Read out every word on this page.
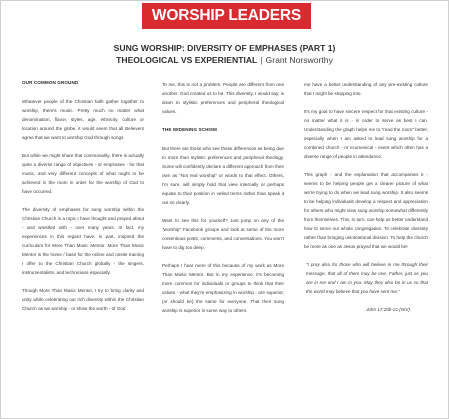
WORSHIP LEADERS
SUNG WORSHIP: DIVERSITY OF EMPHASES (PART 1)
THEOLOGICAL VS EXPERIENTIAL | Grant Norsworthy
OUR COMMON GROUND

Whatever people of the Christian faith gather together to worship, there's music. Pretty much no matter what denomination, flavor, styles, age, ethnicity, culture or location around the globe, it would seem that all Believers agree that we want to worship God through songs.

But while we might share that commonality, there is actually quite a diverse range of objectives - or emphases - for that music, and very different concepts of what ought to be achieved in the room in order for the worship of God to have occurred.

The diversity of emphases for sung worship within the Christian Church is a topic I have thought and prayed about - and wrestled with - over many years. In fact, my experiences in this regard have, in part, inspired the curriculum for More Than Music Mentor. More Than Music Mentor is the home / base for the online and onsite training I offer to the Christian Church globally - the singers, instrumentalists, and technicians especially.

Though More Than Music Mentor, I try to bring clarity and unity while celebrating our rich diversity within the Christian Church as we worship - or show the worth - of God

To me, this is not a problem. People are different from one another. God created us to be. This diversity, I would say, is down to stylistic preferences and peripheral theological values.

THE WIDENING SCHISM

But there are those who see these differences as being due to more than stylistic preferences and peripheral theology. Some will confidently declare a different approach from their own as "Not real worship" or words to that effect. Others, I'm sure, will simply hold that view internally or perhaps equate to their position in veiled terms rather than speak it out so clearly.

Want to see this for yourself? Just jump on any of the "worship" Facebook groups and look at some of the more contentious posts, comments, and conversations. You won't have to dig too deep.

Perhaps I hear more of this because of my work as More Than Music Mentor. But in my experience, it's becoming more common for individuals or groups to think that their values - what they're emphasizing in worship - are superior, (or should be) the same for everyone. That their sung worship is superior in some way to others.

me have a better understanding of any pre-existing culture that I might be stepping into.

It's my goal to have sincere respect for that existing culture - no matter what it is - in order to serve as best I can. Understanding the graph helps me to "read the room" better, especially when I am asked to lead sung worship for a combined church - or ecumenical - event which often has a diverse range of people in attendance.

This graph - and the explanation that accompanies it - seems to be helping people get a clearer picture of what we're trying to do when we lead sung worship. It also seems to be helping individuals develop a respect and appreciation for others who might view sung worship somewhat differently from themselves. This, in turn, can help us better understand how to serve our whole congregation. To celebrate diversity rather than bringing unintentional division. To help the church be more as one as Jesus prayed that we would be!

"I pray also for those who will believe in me through their message, that all of them may be one, Father, just as you are in me and I am in you. May they also be in us so that the world may believe that you have sent me."

John 17:20b-21 (NIV)
